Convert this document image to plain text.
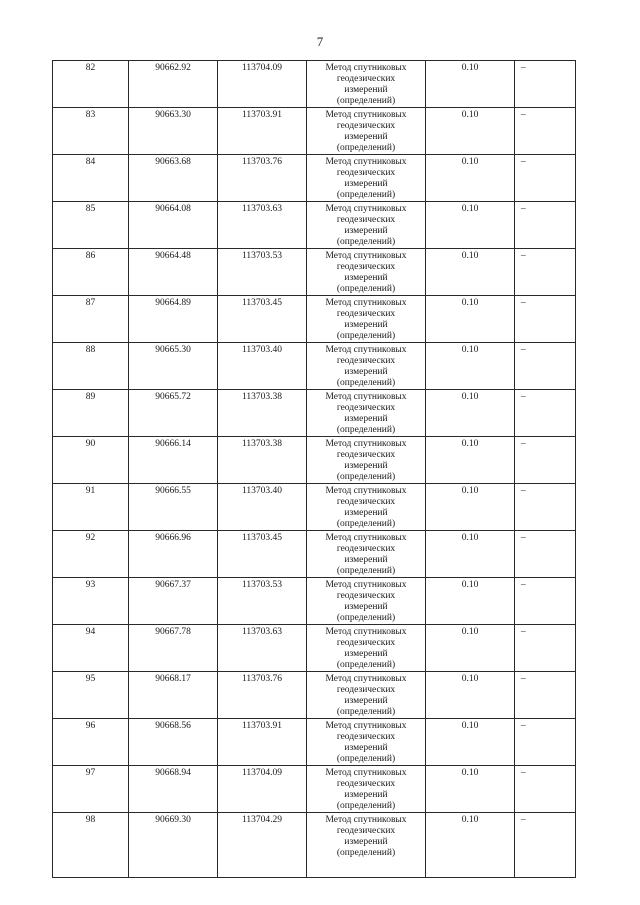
7
82	90662.92	113704.09	Метод спутниковых
геодезических
измерений
(определений)	0.10	–
83	90663.30	113703.91	Метод спутниковых
геодезических
измерений
(определений)	0.10	–
84	90663.68	113703.76	Метод спутниковых
геодезических
измерений
(определений)	0.10	–
85	90664.08	113703.63	Метод спутниковых
геодезических
измерений
(определений)	0.10	–
86	90664.48	113703.53	Метод спутниковых
геодезических
измерений
(определений)	0.10	–
87	90664.89	113703.45	Метод спутниковых
геодезических
измерений
(определений)	0.10	–
88	90665.30	113703.40	Метод спутниковых
геодезических
измерений
(определений)	0.10	–
89	90665.72	113703.38	Метод спутниковых
геодезических
измерений
(определений)	0.10	–
90	90666.14	113703.38	Метод спутниковых
геодезических
измерений
(определений)	0.10	–
91	90666.55	113703.40	Метод спутниковых
геодезических
измерений
(определений)	0.10	–
92	90666.96	113703.45	Метод спутниковых
геодезических
измерений
(определений)	0.10	–
93	90667.37	113703.53	Метод спутниковых
геодезических
измерений
(определений)	0.10	–
94	90667.78	113703.63	Метод спутниковых
геодезических
измерений
(определений)	0.10	–
95	90668.17	113703.76	Метод спутниковых
геодезических
измерений
(определений)	0.10	–
96	90668.56	113703.91	Метод спутниковых
геодезических
измерений
(определений)	0.10	–
97	90668.94	113704.09	Метод спутниковых
геодезических
измерений
(определений)	0.10	–
98	90669.30	113704.29	Метод спутниковых
геодезических
измерений
(определений)	0.10	–
